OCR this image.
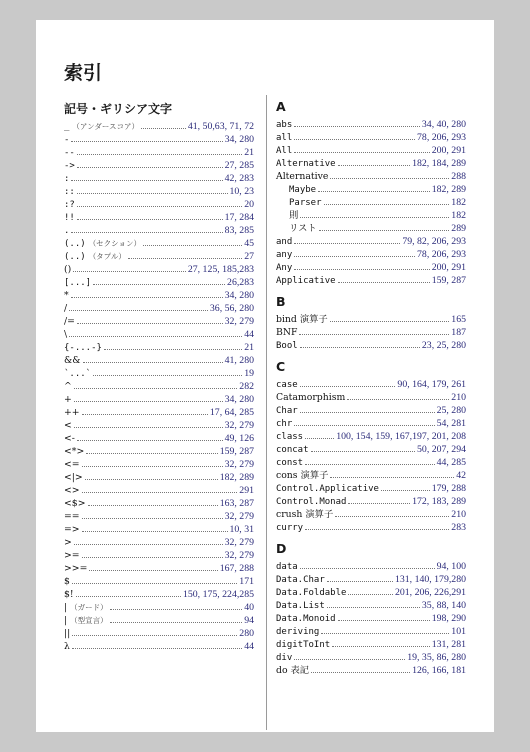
索引
記号・ギリシア文字
_ （アンダースコア）	41, 50,63, 71, 72
-	34, 280
--	21
->	27, 285
:	42, 283
::	10, 23
:?	20
!!	17, 284
.	83, 285
(..) （セクション）	45
(..) （タプル）	27
()	27, 125, 185,283
[...]	26,283
*	34, 280
/	36, 56, 280
/=	32, 279
\	44
{-...-}	21
&&	41, 280
`...`	19
^	282
+	34, 280
++	17, 64, 285
<	32, 279
<-	49, 126
<*>	159, 287
<=	32, 279
<|>	182, 289
<>	291
<$>	163, 287
==	32, 279
=>	10, 31
>	32, 279
>=	32, 279
>>=	167, 288
$	171
$!	150, 175, 224,285
| （ガード）	40
| （型宣言）	94
||	280
λ	44
A
abs	34, 40, 280
all	78, 206, 293
All	200, 291
Alternative	182, 184, 289
Alternative	288
Maybe	182, 289
Parser	182
則	182
リスト	289
and	79, 82, 206, 293
any	78, 206, 293
Any	200, 291
Applicative	159, 287
B
bind 演算子	165
BNF	187
Bool	23, 25, 280
C
case	90, 164, 179, 261
Catamorphism	210
Char	25, 280
chr	54, 281
class	100, 154, 159, 167,197, 201, 208
concat	50, 207, 294
const	44, 285
cons 演算子	42
Control.Applicative	179, 288
Control.Monad	172, 183, 289
crush 演算子	210
curry	283
D
data	94, 100
Data.Char	131, 140, 179,280
Data.Foldable	201, 206, 226,291
Data.List	35, 88, 140
Data.Monoid	198, 290
deriving	101
digitToInt	131, 281
div	19, 35, 86, 280
do 表記	126, 166, 181
